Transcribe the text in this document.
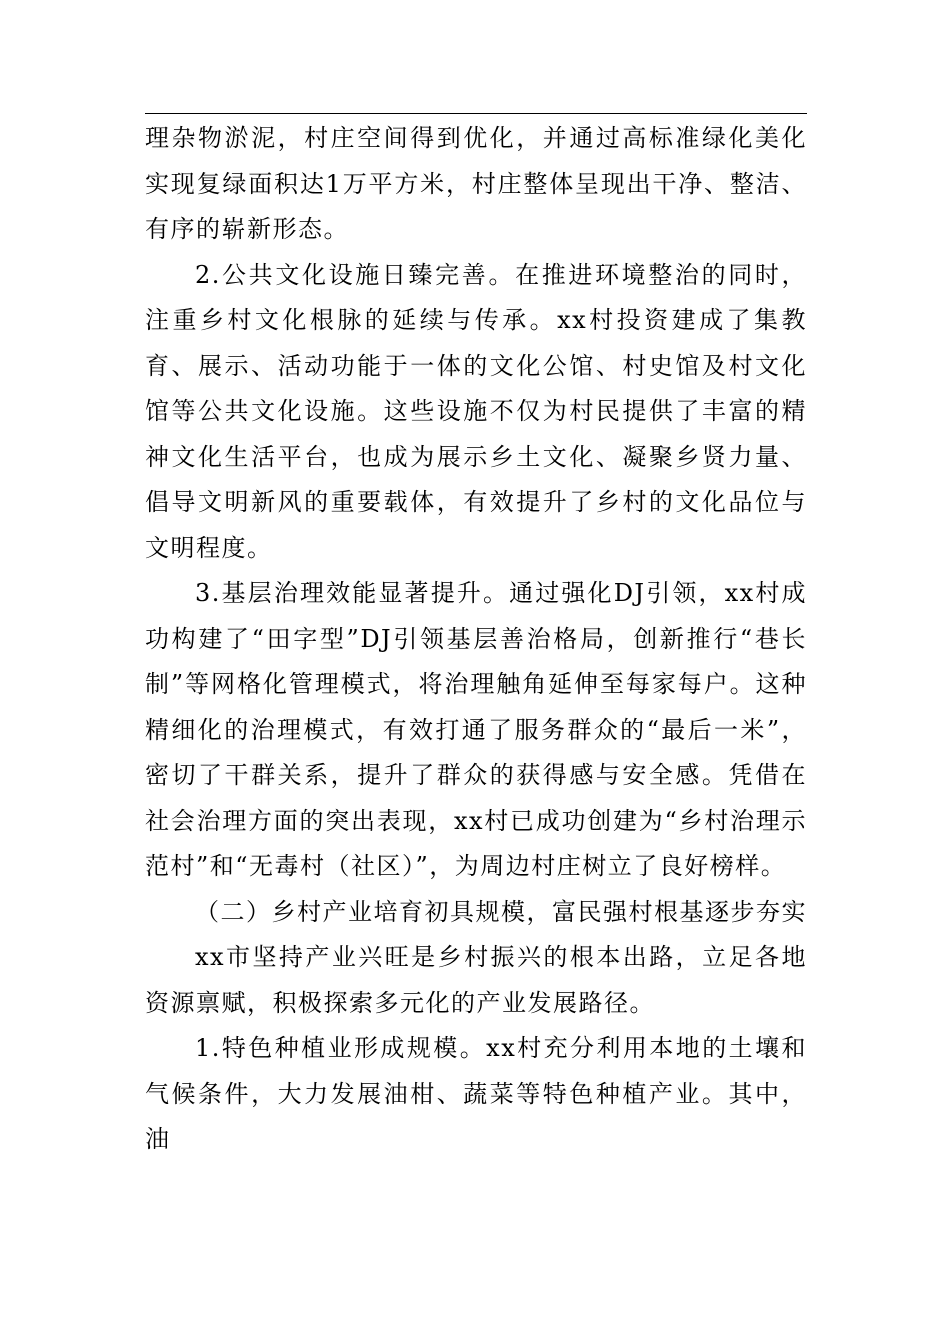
理杂物淤泥，村庄空间得到优化，并通过高标准绿化美化实现复绿面积达1万平方米，村庄整体呈现出干净、整洁、有序的崭新形态。

2.公共文化设施日臻完善。在推进环境整治的同时，注重乡村文化根脉的延续与传承。xx村投资建成了集教育、展示、活动功能于一体的文化公馆、村史馆及村文化馆等公共文化设施。这些设施不仅为村民提供了丰富的精神文化生活平台，也成为展示乡土文化、凝聚乡贤力量、倡导文明新风的重要载体，有效提升了乡村的文化品位与文明程度。

3.基层治理效能显著提升。通过强化DJ引领，xx村成功构建了“田字型”DJ引领基层善治格局，创新推行“巷长制”等网格化管理模式，将治理触角延伸至每家每户。这种精细化的治理模式，有效打通了服务群众的“最后一米”，密切了干群关系，提升了群众的获得感与安全感。凭借在社会治理方面的突出表现，xx村已成功创建为“乡村治理示范村”和“无毒村（社区）”，为周边村庄树立了良好榜样。

（二）乡村产业培育初具规模，富民强村根基逐步夯实

xx市坚持产业兴旺是乡村振兴的根本出路，立足各地资源禀赋，积极探索多元化的产业发展路径。

1.特色种植业形成规模。xx村充分利用本地的土壤和气候条件，大力发展油柑、蔬菜等特色种植产业。其中，油
